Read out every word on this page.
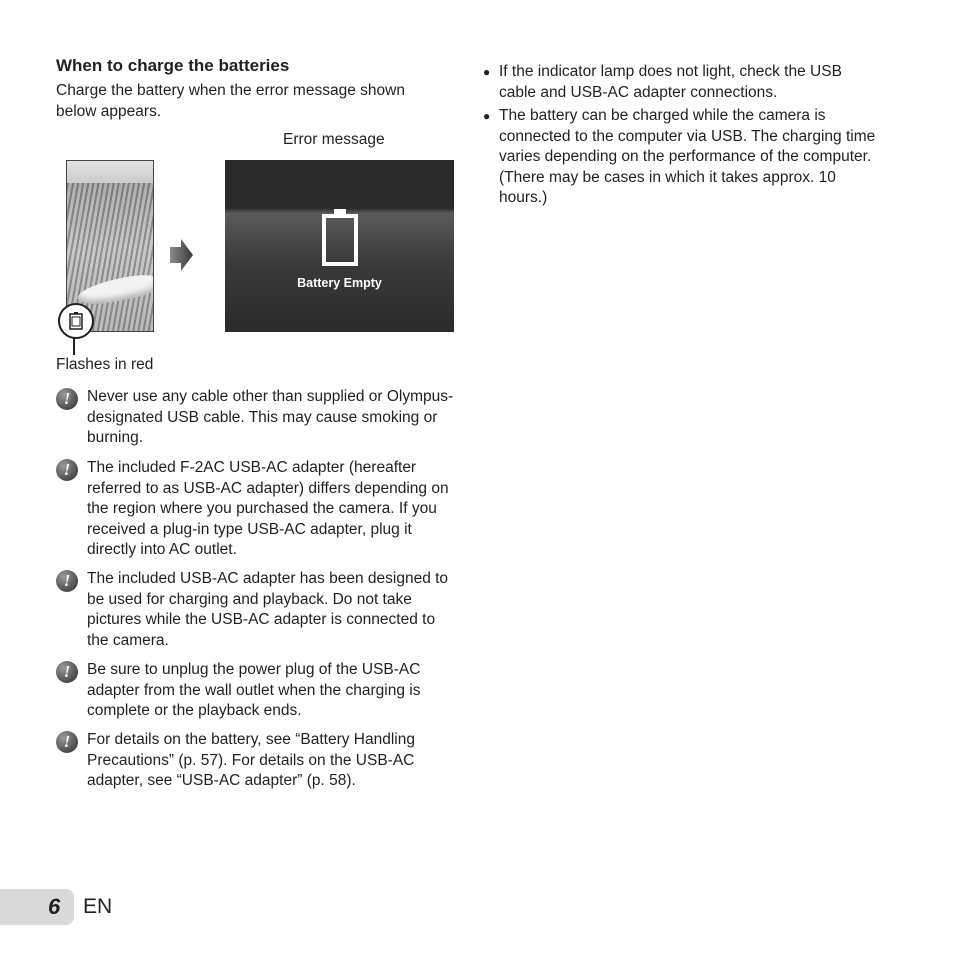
When to charge the batteries
Charge the battery when the error message shown below appears.
Error message
Battery Empty
Flashes in red
!	Never use any cable other than supplied or Olympus-designated USB cable. This may cause smoking or burning.
!	The included F-2AC USB-AC adapter (hereafter referred to as USB-AC adapter) differs depending on the region where you purchased the camera. If you received a plug-in type USB-AC adapter, plug it directly into AC outlet.
!	The included USB-AC adapter has been designed to be used for charging and playback. Do not take pictures while the USB-AC adapter is connected to the camera.
!	Be sure to unplug the power plug of the USB-AC adapter from the wall outlet when the charging is complete or the playback ends.
!	For details on the battery, see “Battery Handling Precautions” (p. 57). For details on the USB-AC adapter, see “USB-AC adapter” (p. 58).
● If the indicator lamp does not light, check the USB cable and USB-AC adapter connections.
● The battery can be charged while the camera is connected to the computer via USB. The charging time varies depending on the performance of the computer. (There may be cases in which it takes approx. 10 hours.)
6 EN
